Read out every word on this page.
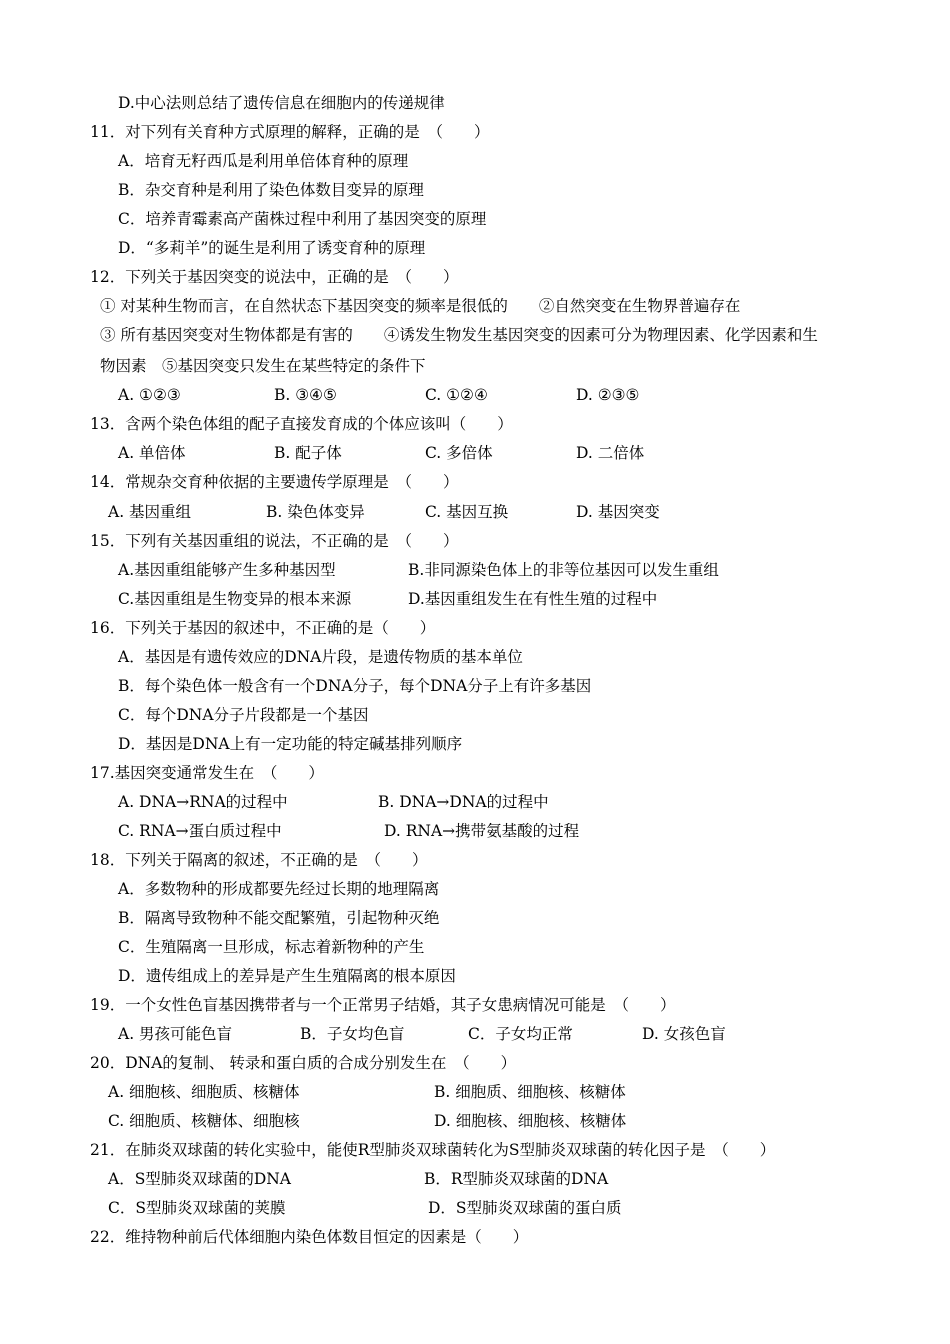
D.中心法则总结了遗传信息在细胞内的传递规律
11．对下列有关育种方式原理的解释，正确的是　（　　）
A．培育无籽西瓜是利用单倍体育种的原理
B．杂交育种是利用了染色体数目变异的原理
C．培养青霉素高产菌株过程中利用了基因突变的原理
D．“多莉羊”的诞生是利用了诱变育种的原理
12．下列关于基因突变的说法中，正确的是　（　　）
① 对某种生物而言，在自然状态下基因突变的频率是很低的　　②自然突变在生物界普遍存在
③ 所有基因突变对生物体都是有害的　　④诱发生物发生基因突变的因素可分为物理因素、化学因素和生
物因素　⑤基因突变只发生在某些特定的条件下
A. ①②③	B. ③④⑤	C. ①②④	D. ②③⑤
13．含两个染色体组的配子直接发育成的个体应该叫（　　）
A. 单倍体	B. 配子体	C. 多倍体	D. 二倍体
14．常规杂交育种依据的主要遗传学原理是　（　　）
A. 基因重组	B. 染色体变异	C. 基因互换	D. 基因突变
15．下列有关基因重组的说法，不正确的是　（　　）
A.基因重组能够产生多种基因型	B.非同源染色体上的非等位基因可以发生重组
C.基因重组是生物变异的根本来源	D.基因重组发生在有性生殖的过程中
16．下列关于基因的叙述中，不正确的是（　　）
A．基因是有遗传效应的DNA片段，是遗传物质的基本单位
B．每个染色体一般含有一个DNA分子，每个DNA分子上有许多基因
C．每个DNA分子片段都是一个基因
D．基因是DNA上有一定功能的特定碱基排列顺序
17.基因突变通常发生在　（　　）
A. DNA→RNA的过程中	B. DNA→DNA的过程中
C. RNA→蛋白质过程中	D. RNA→携带氨基酸的过程
18．下列关于隔离的叙述，不正确的是　（　　）
A．多数物种的形成都要先经过长期的地理隔离
B．隔离导致物种不能交配繁殖，引起物种灭绝
C．生殖隔离一旦形成，标志着新物种的产生
D．遗传组成上的差异是产生生殖隔离的根本原因
19．一个女性色盲基因携带者与一个正常男子结婚，其子女患病情况可能是　（　　）
A. 男孩可能色盲	B．子女均色盲	C．子女均正常	D. 女孩色盲
20．DNA的复制、 转录和蛋白质的合成分别发生在　（　　）
A. 细胞核、细胞质、核糖体	B. 细胞质、细胞核、核糖体
C. 细胞质、核糖体、细胞核	D. 细胞核、细胞核、核糖体
21．在肺炎双球菌的转化实验中，能使R型肺炎双球菌转化为S型肺炎双球菌的转化因子是　（　　）
A．S型肺炎双球菌的DNA	B．R型肺炎双球菌的DNA
C．S型肺炎双球菌的荚膜	D．S型肺炎双球菌的蛋白质
22．维持物种前后代体细胞内染色体数目恒定的因素是（　　）
